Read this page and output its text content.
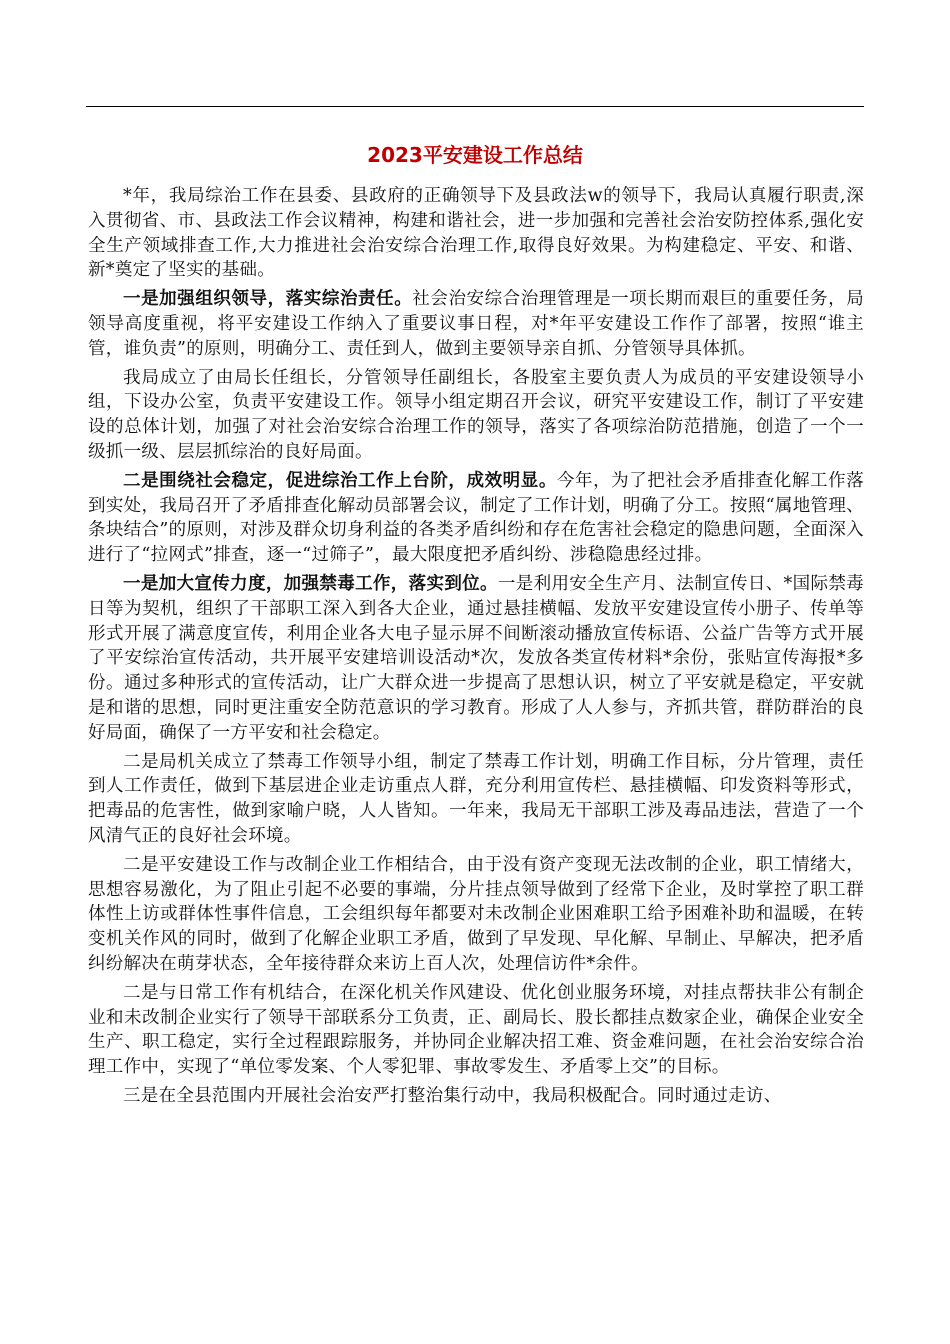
2023平安建设工作总结

*年，我局综治工作在县委、县政府的正确领导下及县政法w的领导下，我局认真履行职责,深入贯彻省、市、县政法工作会议精神，构建和谐社会，进一步加强和完善社会治安防控体系,强化安全生产领域排查工作,大力推进社会治安综合治理工作,取得良好效果。为构建稳定、平安、和谐、新*奠定了坚实的基础。

一是加强组织领导，落实综治责任。社会治安综合治理管理是一项长期而艰巨的重要任务，局领导高度重视，将平安建设工作纳入了重要议事日程，对*年平安建设工作作了部署，按照“谁主管，谁负责”的原则，明确分工、责任到人，做到主要领导亲自抓、分管领导具体抓。

我局成立了由局长任组长，分管领导任副组长，各股室主要负责人为成员的平安建设领导小组，下设办公室，负责平安建设工作。领导小组定期召开会议，研究平安建设工作，制订了平安建设的总体计划，加强了对社会治安综合治理工作的领导，落实了各项综治防范措施，创造了一个一级抓一级、层层抓综治的良好局面。

二是围绕社会稳定，促进综治工作上台阶，成效明显。今年，为了把社会矛盾排查化解工作落到实处，我局召开了矛盾排查化解动员部署会议，制定了工作计划，明确了分工。按照“属地管理、条块结合”的原则，对涉及群众切身利益的各类矛盾纠纷和存在危害社会稳定的隐患问题，全面深入进行了“拉网式”排查，逐一“过筛子”，最大限度把矛盾纠纷、涉稳隐患经过排。

一是加大宣传力度，加强禁毒工作，落实到位。一是利用安全生产月、法制宣传日、*国际禁毒日等为契机，组织了干部职工深入到各大企业，通过悬挂横幅、发放平安建设宣传小册子、传单等形式开展了满意度宣传，利用企业各大电子显示屏不间断滚动播放宣传标语、公益广告等方式开展了平安综治宣传活动，共开展平安建培训设活动*次，发放各类宣传材料*余份，张贴宣传海报*多份。通过多种形式的宣传活动，让广大群众进一步提高了思想认识，树立了平安就是稳定，平安就是和谐的思想，同时更注重安全防范意识的学习教育。形成了人人参与，齐抓共管，群防群治的良好局面，确保了一方平安和社会稳定。

二是局机关成立了禁毒工作领导小组，制定了禁毒工作计划，明确工作目标，分片管理，责任到人工作责任，做到下基层进企业走访重点人群，充分利用宣传栏、悬挂横幅、印发资料等形式，把毒品的危害性，做到家喻户晓，人人皆知。一年来，我局无干部职工涉及毒品违法，营造了一个风清气正的良好社会环境。

二是平安建设工作与改制企业工作相结合，由于没有资产变现无法改制的企业，职工情绪大，思想容易激化，为了阻止引起不必要的事端，分片挂点领导做到了经常下企业，及时掌控了职工群体性上访或群体性事件信息，工会组织每年都要对未改制企业困难职工给予困难补助和温暖，在转变机关作风的同时，做到了化解企业职工矛盾，做到了早发现、早化解、早制止、早解决，把矛盾纠纷解决在萌芽状态，全年接待群众来访上百人次，处理信访件*余件。

二是与日常工作有机结合，在深化机关作风建设、优化创业服务环境，对挂点帮扶非公有制企业和未改制企业实行了领导干部联系分工负责，正、副局长、股长都挂点数家企业，确保企业安全生产、职工稳定，实行全过程跟踪服务，并协同企业解决招工难、资金难问题，在社会治安综合治理工作中，实现了“单位零发案、个人零犯罪、事故零发生、矛盾零上交”的目标。

三是在全县范围内开展社会治安严打整治集行动中，我局积极配合。同时通过走访、
